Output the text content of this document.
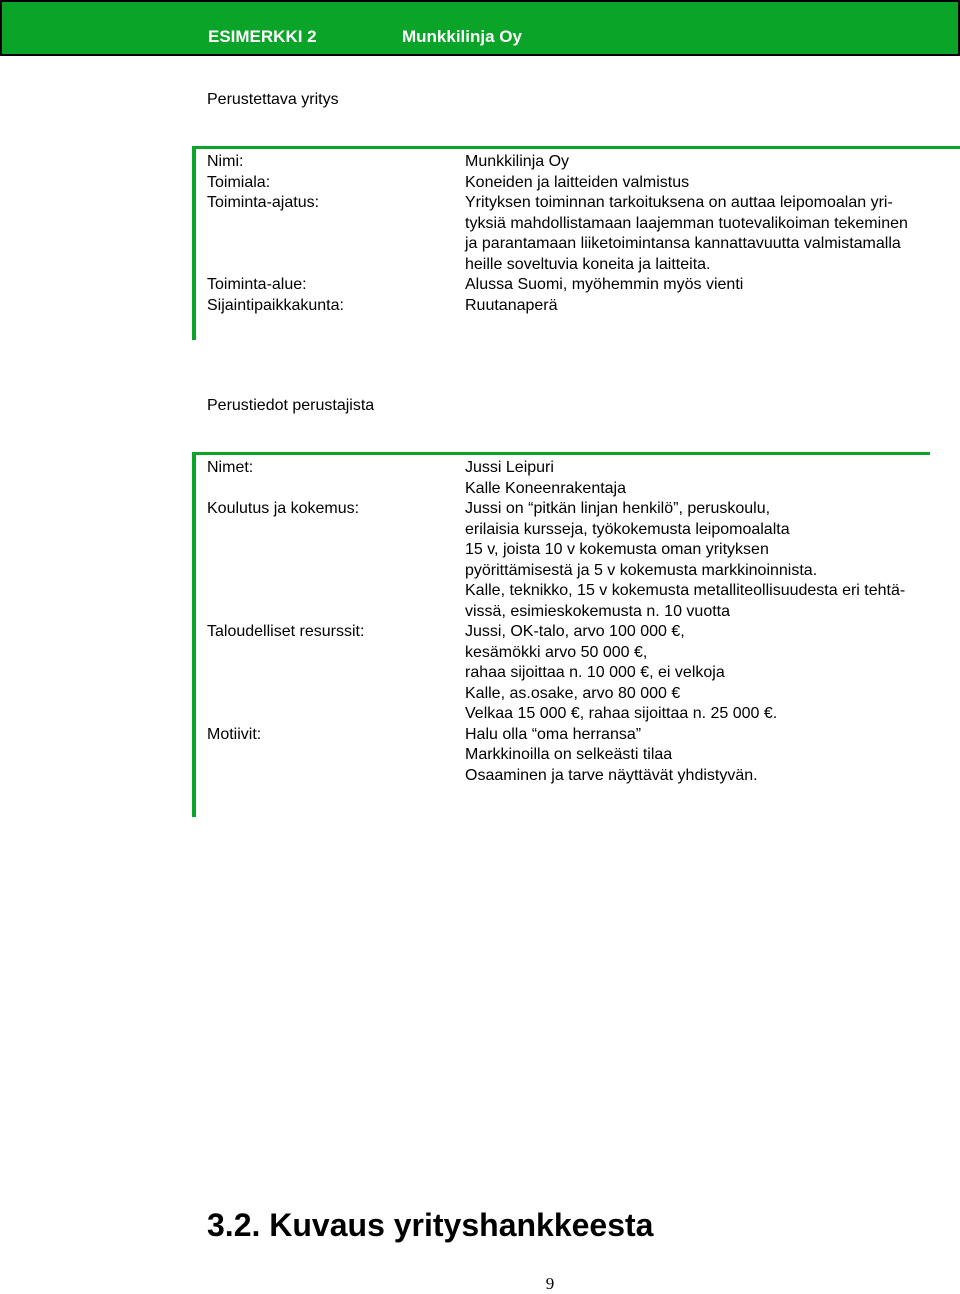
ESIMERKKI 2	Munkkilinja Oy
Perustettava yritys
Nimi:	Munkkilinja Oy
Toimiala:	Koneiden ja laitteiden valmistus
Toiminta-ajatus:	Yrityksen toiminnan tarkoituksena on auttaa leipomoalan yri-
tyksiä mahdollistamaan laajemman tuotevalikoiman tekeminen
ja parantamaan liiketoimintansa kannattavuutta valmistamalla
heille soveltuvia koneita ja laitteita.
Toiminta-alue:	Alussa Suomi, myöhemmin myös vienti
Sijaintipaikkakunta:	Ruutanaperä
Perustiedot perustajista
Nimet:	Jussi Leipuri
Kalle Koneenrakentaja
Koulutus ja kokemus:	Jussi on “pitkän linjan henkilö”, peruskoulu,
erilaisia kursseja, työkokemusta leipomoalalta
15 v, joista 10 v kokemusta oman yrityksen
pyörittämisestä ja 5 v kokemusta markkinoinnista.
Kalle, teknikko, 15 v kokemusta metalliteollisuudesta eri tehtä-
vissä, esimieskokemusta n. 10 vuotta
Taloudelliset resurssit:	Jussi, OK-talo, arvo 100 000 €,
kesämökki arvo 50 000 €,
rahaa sijoittaa n. 10 000 €, ei velkoja
Kalle, as.osake, arvo 80 000 €
Velkaa 15 000 €, rahaa sijoittaa n. 25 000 €.
Motiivit:	Halu olla “oma herransa”
Markkinoilla on selkeästi tilaa
Osaaminen ja tarve näyttävät yhdistyvän.
3.2. Kuvaus yrityshankkeesta
9
